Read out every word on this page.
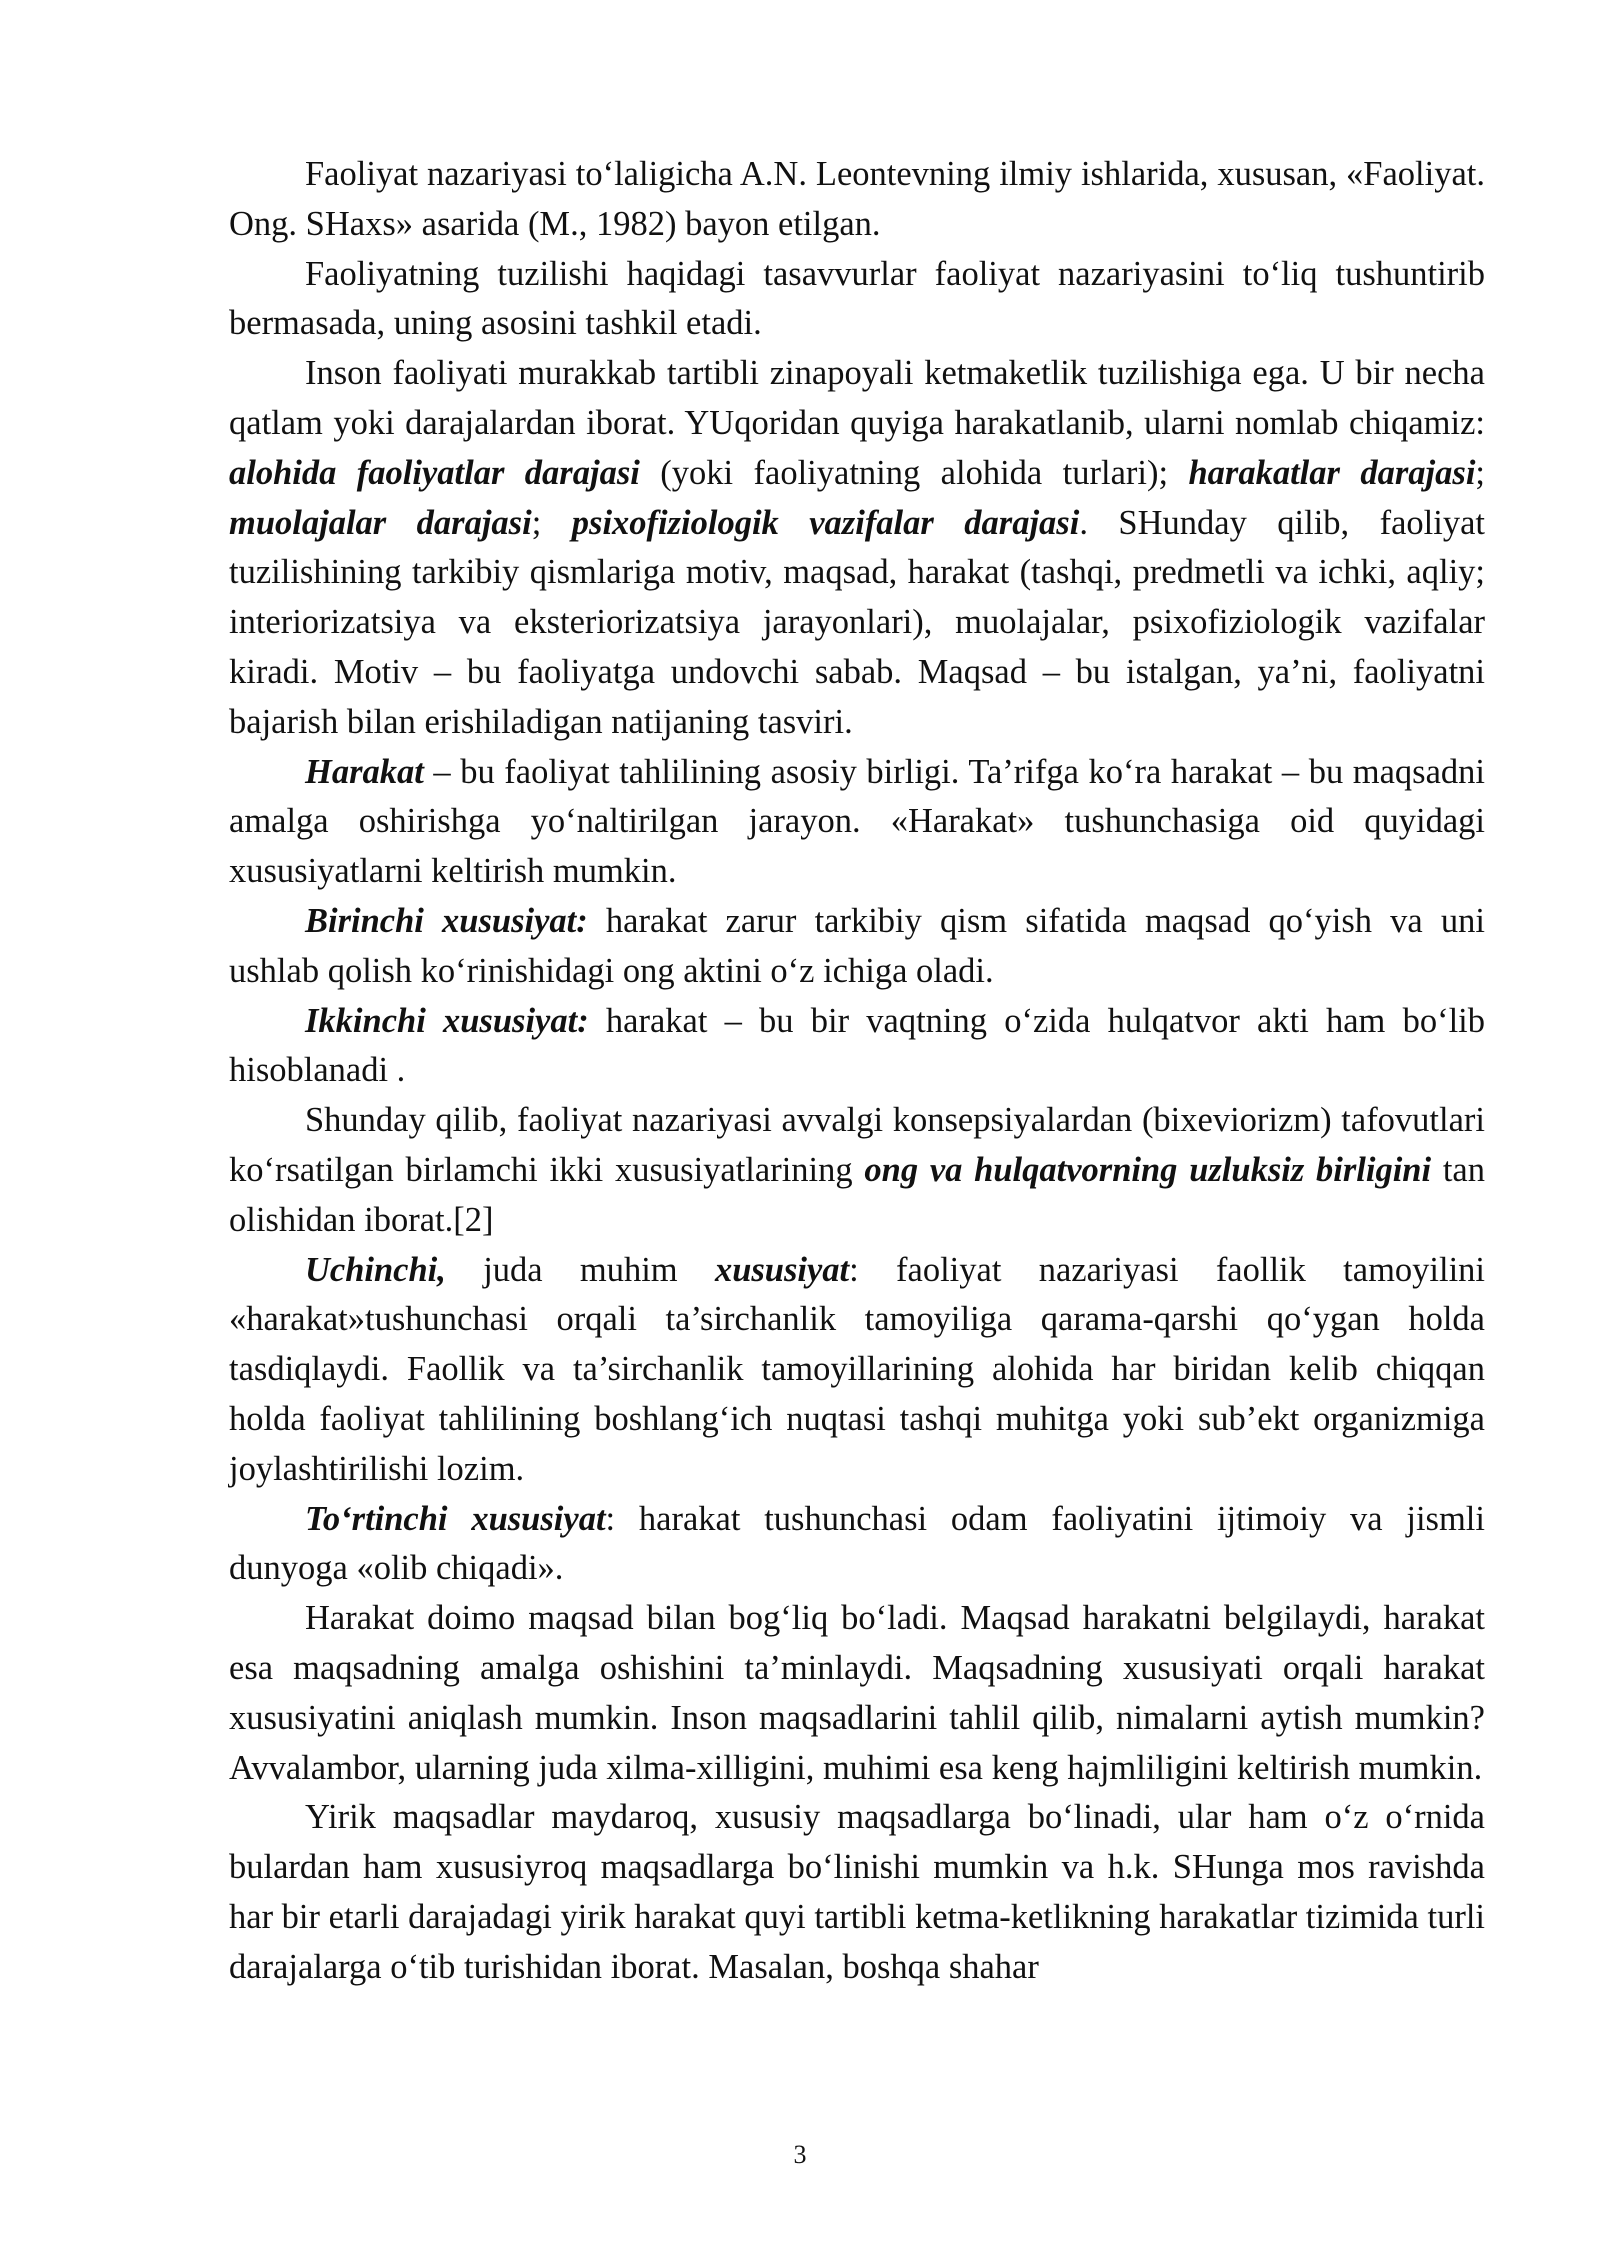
Faoliyat nazariyasi to‘laligicha A.N. Leontevning ilmiy ishlarida, xususan, «Faoliyat. Ong. SHaxs» asarida (M., 1982) bayon etilgan.

Faoliyatning tuzilishi haqidagi tasavvurlar faoliyat nazariyasini to‘liq tushuntirib bermasada, uning asosini tashkil etadi.

Inson faoliyati murakkab tartibli zinapoyali ketmaketlik tuzilishiga ega. U bir necha qatlam yoki darajalardan iborat. YUqoridan quyiga harakatlanib, ularni nomlab chiqamiz: alohida faoliyatlar darajasi (yoki faoliyatning alohida turlari); harakatlar darajasi; muolajalar darajasi; psixofiziologik vazifalar darajasi. SHunday qilib, faoliyat tuzilishining tarkibiy qismlariga motiv, maqsad, harakat (tashqi, predmetli va ichki, aqliy; interiorizatsiya va eksteriorizatsiya jarayonlari), muolajalar, psixofiziologik vazifalar kiradi. Motiv – bu faoliyatga undovchi sabab. Maqsad – bu istalgan, ya’ni, faoliyatni bajarish bilan erishiladigan natijaning tasviri.

Harakat – bu faoliyat tahlilining asosiy birligi. Ta’rifga ko‘ra harakat – bu maqsadni amalga oshirishga yo‘naltirilgan jarayon. «Harakat» tushunchasiga oid quyidagi xususiyatlarni keltirish mumkin.

Birinchi xususiyat: harakat zarur tarkibiy qism sifatida maqsad qo‘yish va uni ushlab qolish ko‘rinishidagi ong aktini o‘z ichiga oladi.

Ikkinchi xususiyat: harakat – bu bir vaqtning o‘zida hulqatvor akti ham bo‘lib hisoblanadi .

Shunday qilib, faoliyat nazariyasi avvalgi konsepsiyalardan (bixeviorizm) tafovutlari ko‘rsatilgan birlamchi ikki xususiyatlarining ong va hulqatvorning uzluksiz birligini tan olishidan iborat.[2]

Uchinchi, juda muhim xususiyat: faoliyat nazariyasi faollik tamoyilini «harakat»tushunchasi orqali ta’sirchanlik tamoyiliga qarama-qarshi qo‘ygan holda tasdiqlaydi. Faollik va ta’sirchanlik tamoyillarining alohida har biridan kelib chiqqan holda faoliyat tahlilining boshlang‘ich nuqtasi tashqi muhitga yoki sub’ekt organizmiga joylashtirilishi lozim.

To‘rtinchi xususiyat: harakat tushunchasi odam faoliyatini ijtimoiy va jismli dunyoga «olib chiqadi».

Harakat doimo maqsad bilan bog‘liq bo‘ladi. Maqsad harakatni belgilaydi, harakat esa maqsadning amalga oshishini ta’minlaydi. Maqsadning xususiyati orqali harakat xususiyatini aniqlash mumkin. Inson maqsadlarini tahlil qilib, nimalarni aytish mumkin? Avvalambor, ularning juda xilma-xilligini, muhimi esa keng hajmliligini keltirish mumkin.

Yirik maqsadlar maydaroq, xususiy maqsadlarga bo‘linadi, ular ham o‘z o‘rnida bulardan ham xususiyroq maqsadlarga bo‘linishi mumkin va h.k. SHunga mos ravishda har bir etarli darajadagi yirik harakat quyi tartibli ketma-ketlikning harakatlar tizimida turli darajalarga o‘tib turishidan iborat. Masalan, boshqa shahar

3
